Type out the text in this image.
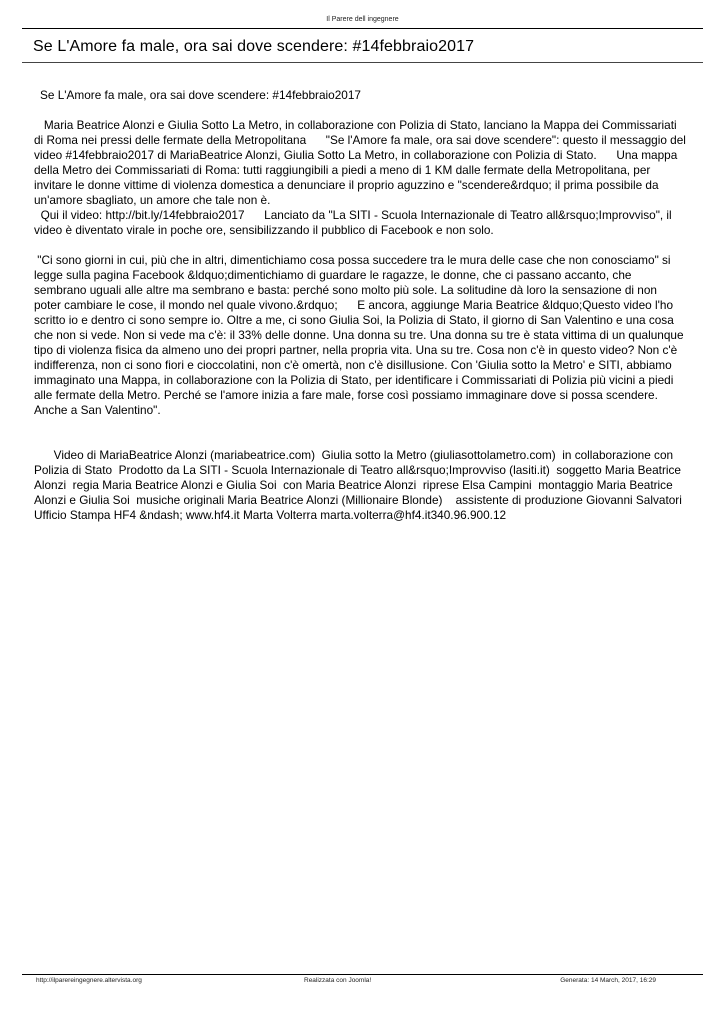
Il Parere dell ingegnere
Se L'Amore fa male, ora sai dove scendere: #14febbraio2017

Se L'Amore fa male, ora sai dove scendere: #14febbraio2017

Maria Beatrice Alonzi e Giulia Sotto La Metro, in collaborazione con Polizia di Stato, lanciano la Mappa dei Commissariati di Roma nei pressi delle fermate della Metropolitana      "Se l'Amore fa male, ora sai dove scendere": questo il messaggio del video #14febbraio2017 di MariaBeatrice Alonzi, Giulia Sotto La Metro, in collaborazione con Polizia di Stato.      Una mappa della Metro dei Commissariati di Roma: tutti raggiungibili a piedi a meno di 1 KM dalle fermate della Metropolitana, per invitare le donne vittime di violenza domestica a denunciare il proprio aguzzino e "scendere&rdquo; il prima possibile da un'amore sbagliato, un amore che tale non è.

Qui il video: http://bit.ly/14febbraio2017      Lanciato da "La SITI - Scuola Internazionale di Teatro all&rsquo;Improvviso", il video è diventato virale in poche ore, sensibilizzando il pubblico di Facebook e non solo.

"Ci sono giorni in cui, più che in altri, dimentichiamo cosa possa succedere tra le mura delle case che non conosciamo" si legge sulla pagina Facebook &ldquo;dimentichiamo di guardare le ragazze, le donne, che ci passano accanto, che sembrano uguali alle altre ma sembrano e basta: perché sono molto più sole. La solitudine dà loro la sensazione di non poter cambiare le cose, il mondo nel quale vivono.&rdquo;      E ancora, aggiunge Maria Beatrice &ldquo;Questo video l'ho scritto io e dentro ci sono sempre io. Oltre a me, ci sono Giulia Soi, la Polizia di Stato, il giorno di San Valentino e una cosa che non si vede. Non si vede ma c'è: il 33% delle donne. Una donna su tre. Una donna su tre è stata vittima di un qualunque tipo di violenza fisica da almeno uno dei propri partner, nella propria vita. Una su tre. Cosa non c'è in questo video? Non c'è indifferenza, non ci sono fiori e cioccolatini, non c'è omertà, non c'è disillusione. Con 'Giulia sotto la Metro' e SITI, abbiamo immaginato una Mappa, in collaborazione con la Polizia di Stato, per identificare i Commissariati di Polizia più vicini a piedi alle fermate della Metro. Perché se l'amore inizia a fare male, forse così possiamo immaginare dove si possa scendere. Anche a San Valentino".

Video di MariaBeatrice Alonzi (mariabeatrice.com)  Giulia sotto la Metro (giuliasottolametro.com)  in collaborazione con Polizia di Stato  Prodotto da La SITI - Scuola Internazionale di Teatro all&rsquo;Improvviso (lasiti.it)  soggetto Maria Beatrice Alonzi  regia Maria Beatrice Alonzi e Giulia Soi  con Maria Beatrice Alonzi  riprese Elsa Campini  montaggio Maria Beatrice Alonzi e Giulia Soi  musiche originali Maria Beatrice Alonzi (Millionaire Blonde)    assistente di produzione Giovanni Salvatori     Ufficio Stampa HF4 &ndash; www.hf4.it Marta Volterra marta.volterra@hf4.it340.96.900.12

http://ilparereingegnere.altervista.org	Realizzata con Joomla!	Generata: 14 March, 2017, 16:29
